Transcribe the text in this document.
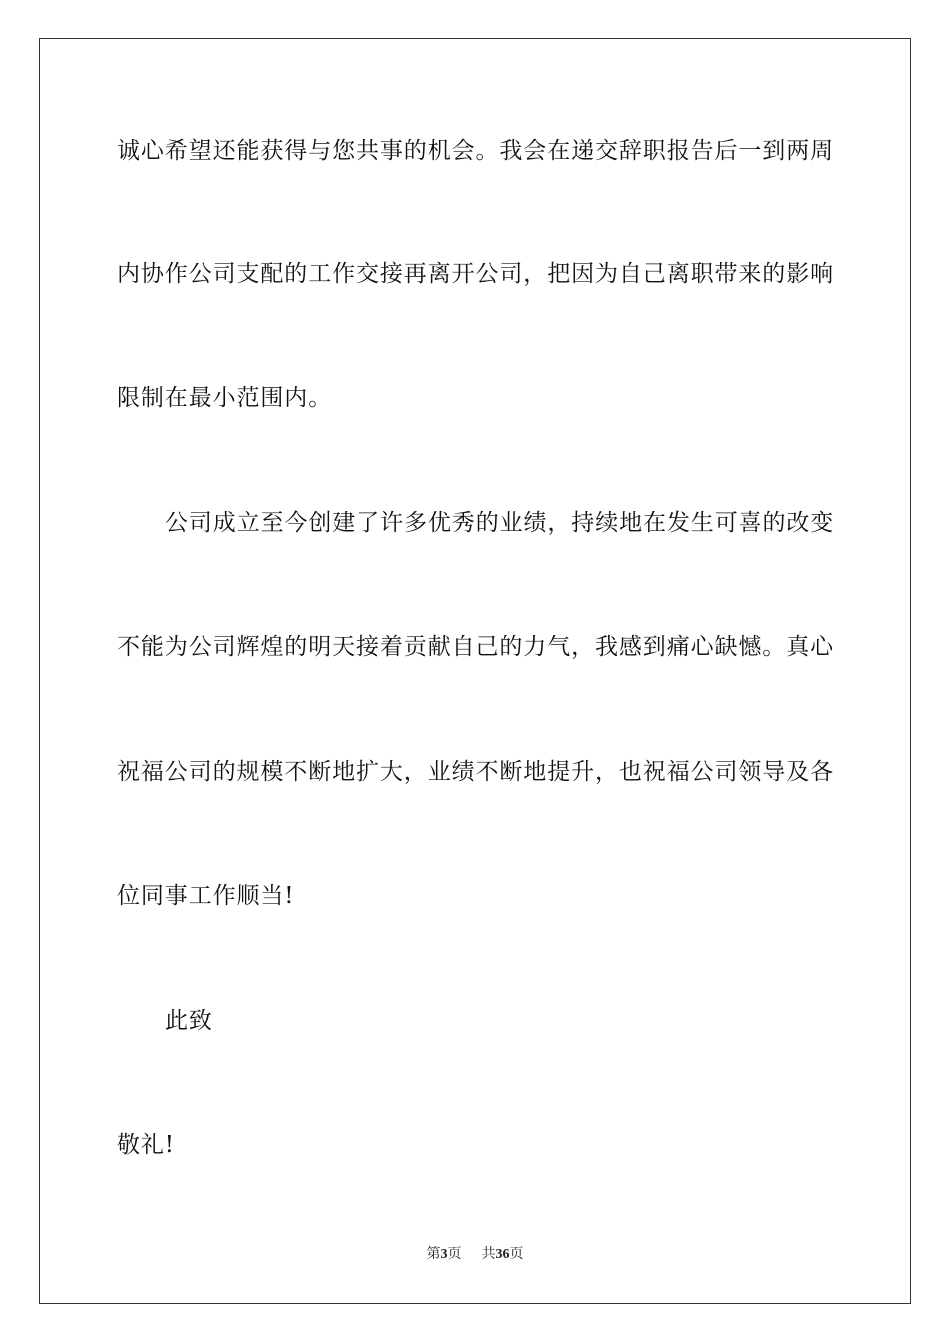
诚心希望还能获得与您共事的机会。我会在递交辞职报告后一到两周
内协作公司支配的工作交接再离开公司，把因为自己离职带来的影响
限制在最小范围内。
公司成立至今创建了许多优秀的业绩，持续地在发生可喜的改变
不能为公司辉煌的明天接着贡献自己的力气，我感到痛心缺憾。真心
祝福公司的规模不断地扩大，业绩不断地提升，也祝福公司领导及各
位同事工作顺当!
此致
敬礼!
第3页 共36页
